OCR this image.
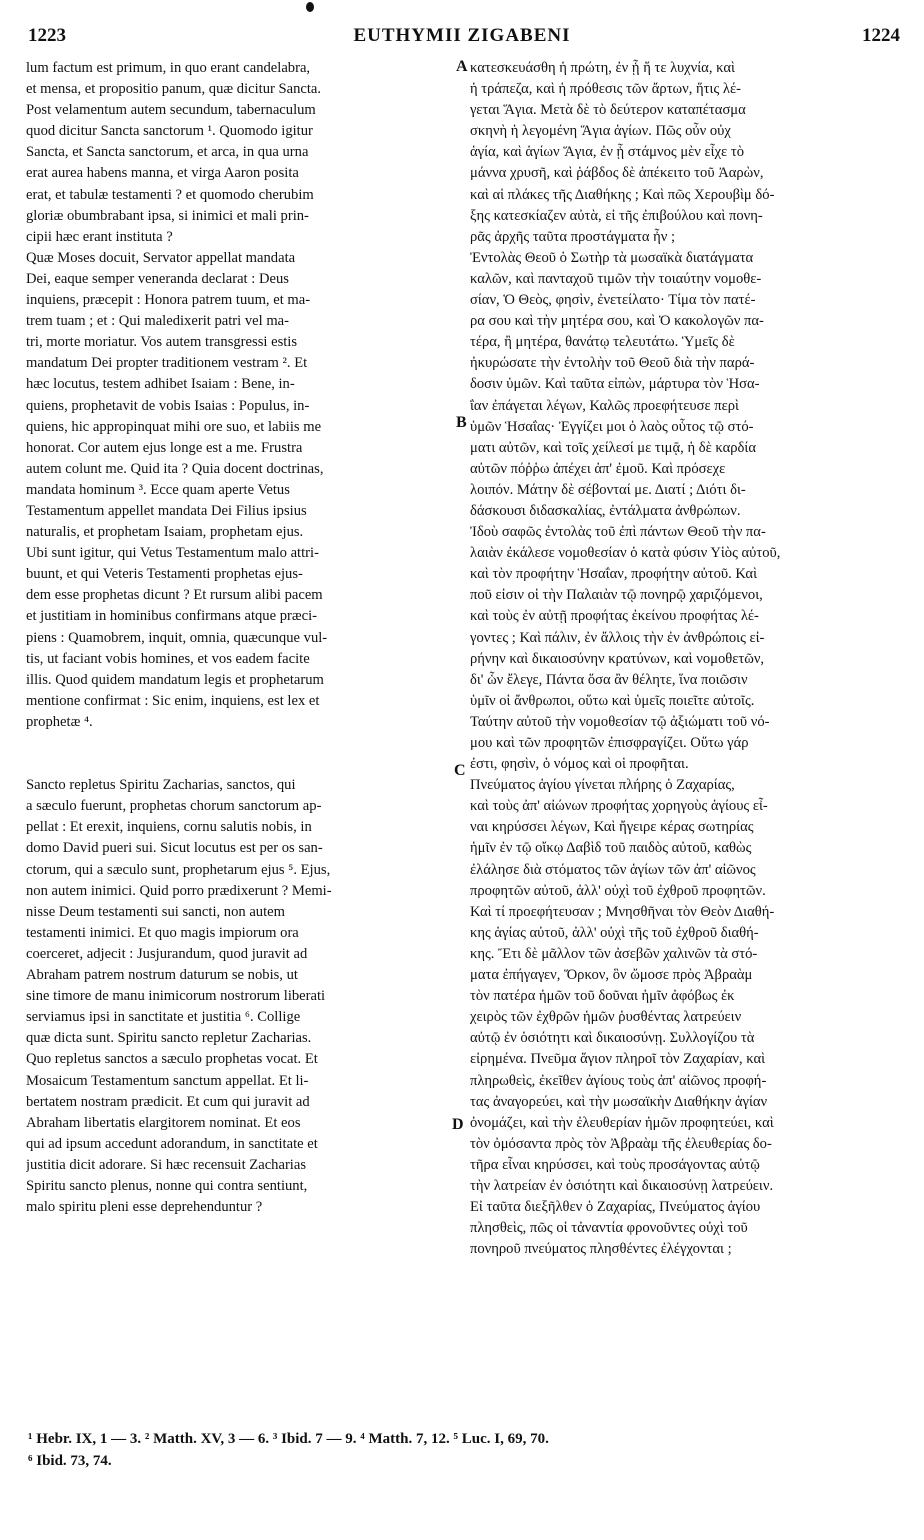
EUTHYMII ZIGABENI
1223	1224
lum factum est primum, in quo erant candelabra,
et mensa, et propositio panum, quæ dicitur Sancta.
Post velamentum autem secundum, tabernaculum
quod dicitur Sancta sanctorum ¹. Quomodo igitur
Sancta, et Sancta sanctorum, et arca, in qua urna
erat aurea habens manna, et virga Aaron posita
erat, et tabulæ testamenti ? et quomodo cherubim
gloriæ obumbrabant ipsa, si inimici et mali prin-
cipii hæc erant instituta ?
Quæ Moses docuit, Servator appellat mandata
Dei, eaque semper veneranda declarat : Deus
inquiens, præcepit : Honora patrem tuum, et ma-
trem tuam ; et : Qui maledixerit patri vel ma-
tri, morte moriatur. Vos autem transgressi estis
mandatum Dei propter traditionem vestram ². Et
hæc locutus, testem adhibet Isaiam : Bene, in-
quiens, prophetavit de vobis Isaias : Populus, in-
quiens, hic appropinquat mihi ore suo, et labiis me
honorat. Cor autem ejus longe est a me. Frustra
autem colunt me. Quid ita ? Quia docent doctrinas,
mandata hominum ³. Ecce quam aperte Vetus
Testamentum appellet mandata Dei Filius ipsius
naturalis, et prophetam Isaiam, prophetam ejus.
Ubi sunt igitur, qui Vetus Testamentum malo attri-
buunt, et qui Veteris Testamenti prophetas ejus-
dem esse prophetas dicunt ? Et rursum alibi pacem
et justitiam in hominibus confirmans atque præci-
piens : Quamobrem, inquit, omnia, quæcunque vul-
tis, ut faciant vobis homines, et vos eadem facite
illis. Quod quidem mandatum legis et prophetarum
mentione confirmat : Sic enim, inquiens, est lex et
prophetæ ⁴.
Sancto repletus Spiritu Zacharias, sanctos, qui
a sæculo fuerunt, prophetas chorum sanctorum ap-
pellat : Et erexit, inquiens, cornu salutis nobis, in
domo David pueri sui. Sicut locutus est per os san-
ctorum, qui a sæculo sunt, prophetarum ejus ⁵. Ejus,
non autem inimici. Quid porro prædixerunt ? Memi-
nisse Deum testamenti sui sancti, non autem
testamenti inimici. Et quo magis impiorum ora
coerceret, adjecit : Jusjurandum, quod juravit ad
Abraham patrem nostrum daturum se nobis, ut
sine timore de manu inimicorum nostrorum liberati
serviamus ipsi in sanctitate et justitia ⁶. Collige
quæ dicta sunt. Spiritu sancto repletur Zacharias.
Quo repletus sanctos a sæculo prophetas vocat. Et
Mosaicum Testamentum sanctum appellat. Et li-
bertatem nostram prædicit. Et cum qui juravit ad
Abraham libertatis elargitorem nominat. Et eos
qui ad ipsum accedunt adorandum, in sanctitate et
justitia dicit adorare. Si hæc recensuit Zacharias
Spiritu sancto plenus, nonne qui contra sentiunt,
malo spiritu pleni esse deprehenduntur ?
κατεσκευάσθη ἡ πρώτη, ἐν ᾗ ἥ τε λυχνία, καὶ
ἡ τράπεζα, καὶ ἡ πρόθεσις τῶν ἄρτων, ἥτις λέ-
γεται Ἅγια. Μετὰ δὲ τὸ δεύτερον καταπέτασμα
σκηνὴ ἡ λεγομένη Ἅγια ἁγίων. Πῶς οὖν οὐχ
ἁγία, καὶ ἁγίων Ἅγια, ἐν ᾗ στάμνος μὲν εἶχε τὸ
μάννα χρυσῆ, καὶ ῥάβδος δὲ ἀπέκειτο τοῦ Ἀαρὼν,
καὶ αἱ πλάκες τῆς Διαθήκης ; Καὶ πῶς Χερουβὶμ δό-
ξης κατεσκίαζεν αὐτὰ, εἰ τῆς ἐπιβούλου καὶ πονη-
ρᾶς ἀρχῆς ταῦτα προστάγματα ἦν ;
Ἐντολὰς Θεοῦ ὁ Σωτὴρ τὰ μωσαϊκὰ διατάγματα
καλῶν, καὶ πανταχοῦ τιμῶν τὴν τοιαύτην νομοθε-
σίαν, Ὁ Θεὸς, φησὶν, ἐνετείλατο· Τίμα τὸν πατέ-
ρα σου καὶ τὴν μητέρα σου, καὶ Ὁ κακολογῶν πα-
τέρα, ἢ μητέρα, θανάτῳ τελευτάτω. Ὑμεῖς δὲ
ἠκυρώσατε τὴν ἐντολὴν τοῦ Θεοῦ διὰ τὴν παρά-
δοσιν ὑμῶν. Καὶ ταῦτα εἰπὼν, μάρτυρα τὸν Ἡσα-
ΐαν ἐπάγεται λέγων, Καλῶς προεφήτευσε περὶ
ὑμῶν Ἡσαΐας· Ἐγγίζει μοι ὁ λαὸς οὗτος τῷ στό-
ματι αὐτῶν, καὶ τοῖς χείλεσί με τιμᾷ, ἡ δὲ καρδία
αὐτῶν πόῤῥω ἀπέχει ἀπ' ἐμοῦ. Καὶ πρόσεχε
λοιπόν. Μάτην δὲ σέβονταί με. Διατί ; Διότι δι-
δάσκουσι διδασκαλίας, ἐντάλματα ἀνθρώπων.
Ἰδοὺ σαφῶς ἐντολὰς τοῦ ἐπὶ πάντων Θεοῦ τὴν πα-
λαιὰν ἐκάλεσε νομοθεσίαν ὁ κατὰ φύσιν Υἱὸς αὐτοῦ,
καὶ τὸν προφήτην Ἡσαΐαν, προφήτην αὐτοῦ. Καὶ
ποῦ εἰσιν οἱ τὴν Παλαιὰν τῷ πονηρῷ χαριζόμενοι,
καὶ τοὺς ἐν αὐτῇ προφήτας ἐκείνου προφήτας λέ-
γοντες ; Καὶ πάλιν, ἐν ἄλλοις τὴν ἐν ἀνθρώποις εἰ-
ρήνην καὶ δικαιοσύνην κρατύνων, καὶ νομοθετῶν,
δι' ὧν ἔλεγε, Πάντα ὅσα ἂν θέλητε, ἵνα ποιῶσιν
ὑμῖν οἱ ἄνθρωποι, οὕτω καὶ ὑμεῖς ποιεῖτε αὐτοῖς.
Ταύτην αὐτοῦ τὴν νομοθεσίαν τῷ ἀξιώματι τοῦ νό-
μου καὶ τῶν προφητῶν ἐπισφραγίζει. Οὕτω γάρ
ἐστι, φησὶν, ὁ νόμος καὶ οἱ προφῆται.
Πνεύματος ἁγίου γίνεται πλήρης ὁ Ζαχαρίας,
καὶ τοὺς ἀπ' αἰώνων προφήτας χορηγοὺς ἁγίους εἶ-
ναι κηρύσσει λέγων, Καὶ ἤγειρε κέρας σωτηρίας
ἡμῖν ἐν τῷ οἴκῳ Δαβὶδ τοῦ παιδὸς αὐτοῦ, καθὼς
ἐλάλησε διὰ στόματος τῶν ἁγίων τῶν ἀπ' αἰῶνος
προφητῶν αὐτοῦ, ἀλλ' οὐχὶ τοῦ ἐχθροῦ προφητῶν.
Καὶ τί προεφήτευσαν ; Μνησθῆναι τὸν Θεὸν Διαθή-
κης ἁγίας αὐτοῦ, ἀλλ' οὐχὶ τῆς τοῦ ἐχθροῦ διαθή-
κης. Ἔτι δὲ μᾶλλον τῶν ἀσεβῶν χαλινῶν τὰ στό-
ματα ἐπήγαγεν, Ὅρκον, ὃν ὤμοσε πρὸς Ἀβραὰμ
τὸν πατέρα ἡμῶν τοῦ δοῦναι ἡμῖν ἀφόβως ἐκ
χειρὸς τῶν ἐχθρῶν ἡμῶν ῥυσθέντας λατρεύειν
αὐτῷ ἐν ὁσιότητι καὶ δικαιοσύνῃ. Συλλογίζου τὰ
εἰρημένα. Πνεῦμα ἅγιον πληροῖ τὸν Ζαχαρίαν, καὶ
πληρωθεὶς, ἐκεῖθεν ἁγίους τοὺς ἀπ' αἰῶνος προφή-
τας ἀναγορεύει, καὶ τὴν μωσαϊκὴν Διαθήκην ἁγίαν
ὀνομάζει, καὶ τὴν ἐλευθερίαν ἡμῶν προφητεύει, καὶ
τὸν ὀμόσαντα πρὸς τὸν Ἀβραὰμ τῆς ἐλευθερίας δο-
τῆρα εἶναι κηρύσσει, καὶ τοὺς προσάγοντας αὐτῷ
τὴν λατρείαν ἐν ὁσιότητι καὶ δικαιοσύνῃ λατρεύειν.
Εἰ ταῦτα διεξῆλθεν ὁ Ζαχαρίας, Πνεύματος ἁγίου
πλησθεὶς, πῶς οἱ τἀναντία φρονοῦντες οὐχὶ τοῦ
πονηροῦ πνεύματος πλησθέντες ἐλέγχονται ;
A
B
C
D
¹ Hebr. IX, 1 — 3. ² Matth. XV, 3 — 6. ³ Ibid. 7 — 9. ⁴ Matth. 7, 12. ⁵ Luc. I, 69, 70.
⁶ Ibid. 73, 74.
